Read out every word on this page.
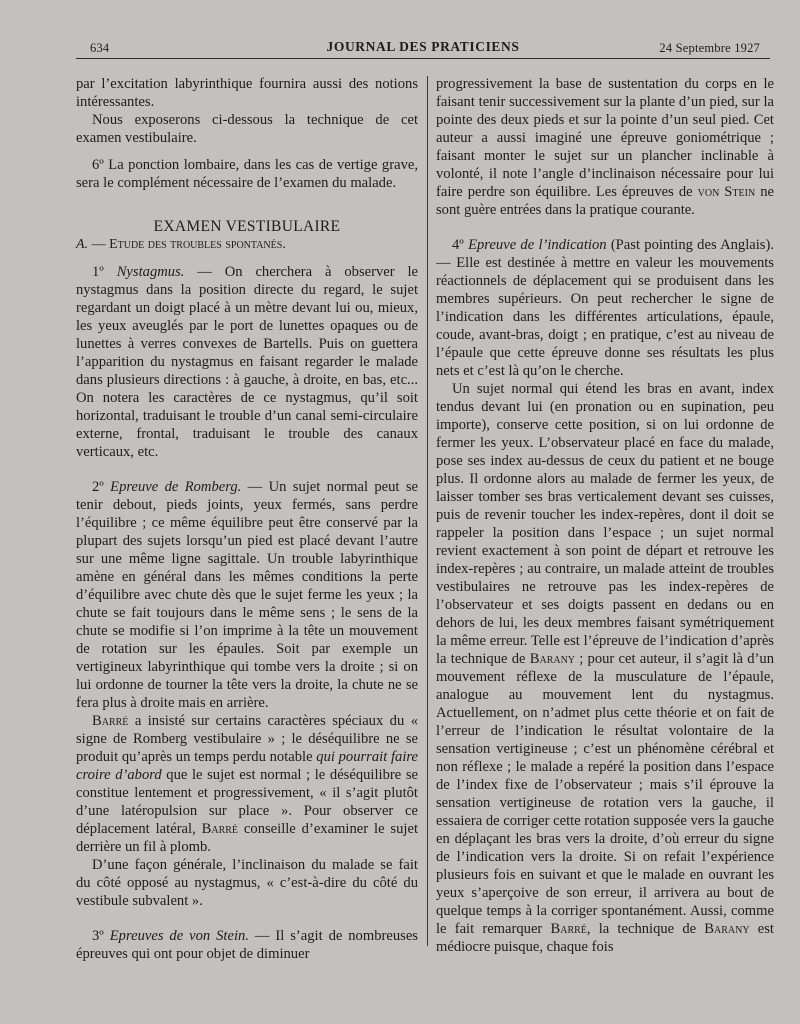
634	JOURNAL DES PRATICIENS	24 Septembre 1927

par l’excitation labyrinthique fournira aussi des notions intéressantes.

Nous exposerons ci-dessous la technique de cet examen vestibulaire.

6º La ponction lombaire, dans les cas de vertige grave, sera le complément nécessaire de l’examen du malade.

EXAMEN VESTIBULAIRE

A. — Etude des troubles spontanés.

1º Nystagmus. — On cherchera à observer le nystagmus dans la position directe du regard, le sujet regardant un doigt placé à un mètre devant lui ou, mieux, les yeux aveuglés par le port de lunettes opaques ou de lunettes à verres convexes de Bartells. Puis on guettera l’apparition du nystagmus en faisant regarder le malade dans plusieurs directions : à gauche, à droite, en bas, etc... On notera les caractères de ce nystagmus, qu’il soit horizontal, traduisant le trouble d’un canal semi-circulaire externe, frontal, traduisant le trouble des canaux verticaux, etc.

2º Epreuve de Romberg. — Un sujet normal peut se tenir debout, pieds joints, yeux fermés, sans perdre l’équilibre ; ce même équilibre peut être conservé par la plupart des sujets lorsqu’un pied est placé devant l’autre sur une même ligne sagittale. Un trouble labyrinthique amène en général dans les mêmes conditions la perte d’équilibre avec chute dès que le sujet ferme les yeux ; la chute se fait toujours dans le même sens ; le sens de la chute se modifie si l’on imprime à la tête un mouvement de rotation sur les épaules. Soit par exemple un vertigineux labyrinthique qui tombe vers la droite ; si on lui ordonne de tourner la tête vers la droite, la chute ne se fera plus à droite mais en arrière.

Barré a insisté sur certains caractères spéciaux du « signe de Romberg vestibulaire » ; le déséquilibre ne se produit qu’après un temps perdu notable qui pourrait faire croire d’abord que le sujet est normal ; le déséquilibre se constitue lentement et progressivement, « il s’agit plutôt d’une latéropulsion sur place ». Pour observer ce déplacement latéral, Barré conseille d’examiner le sujet derrière un fil à plomb.

D’une façon générale, l’inclinaison du malade se fait du côté opposé au nystagmus, « c’est-à-dire du côté du vestibule subvalent ».

3º Epreuves de von Stein. — Il s’agit de nombreuses épreuves qui ont pour objet de diminuer

progressivement la base de sustentation du corps en le faisant tenir successivement sur la plante d’un pied, sur la pointe des deux pieds et sur la pointe d’un seul pied. Cet auteur a aussi imaginé une épreuve goniométrique ; faisant monter le sujet sur un plancher inclinable à volonté, il note l’angle d’inclinaison nécessaire pour lui faire perdre son équilibre. Les épreuves de von Stein ne sont guère entrées dans la pratique courante.

4º Epreuve de l’indication (Past pointing des Anglais). — Elle est destinée à mettre en valeur les mouvements réactionnels de déplacement qui se produisent dans les membres supérieurs. On peut rechercher le signe de l’indication dans les différentes articulations, épaule, coude, avant-bras, doigt ; en pratique, c’est au niveau de l’épaule que cette épreuve donne ses résultats les plus nets et c’est là qu’on le cherche.

Un sujet normal qui étend les bras en avant, index tendus devant lui (en pronation ou en supination, peu importe), conserve cette position, si on lui ordonne de fermer les yeux. L’observateur placé en face du malade, pose ses index au-dessus de ceux du patient et ne bouge plus. Il ordonne alors au malade de fermer les yeux, de laisser tomber ses bras verticalement devant ses cuisses, puis de revenir toucher les index-repères, dont il doit se rappeler la position dans l’espace ; un sujet normal revient exactement à son point de départ et retrouve les index-repères ; au contraire, un malade atteint de troubles vestibulaires ne retrouve pas les index-repères de l’observateur et ses doigts passent en dedans ou en dehors de lui, les deux membres faisant symétriquement la même erreur. Telle est l’épreuve de l’indication d’après la technique de Barany ; pour cet auteur, il s’agit là d’un mouvement réflexe de la musculature de l’épaule, analogue au mouvement lent du nystagmus. Actuellement, on n’admet plus cette théorie et on fait de l’erreur de l’indication le résultat volontaire de la sensation vertigineuse ; c’est un phénomène cérébral et non réflexe ; le malade a repéré la position dans l’espace de l’index fixe de l’observateur ; mais s’il éprouve la sensation vertigineuse de rotation vers la gauche, il essaiera de corriger cette rotation supposée vers la gauche en déplaçant les bras vers la droite, d’où erreur du signe de l’indication vers la droite. Si on refait l’expérience plusieurs fois en suivant et que le malade en ouvrant les yeux s’aperçoive de son erreur, il arrivera au bout de quelque temps à la corriger spontanément. Aussi, comme le fait remarquer Barré, la technique de Barany est médiocre puisque, chaque fois
